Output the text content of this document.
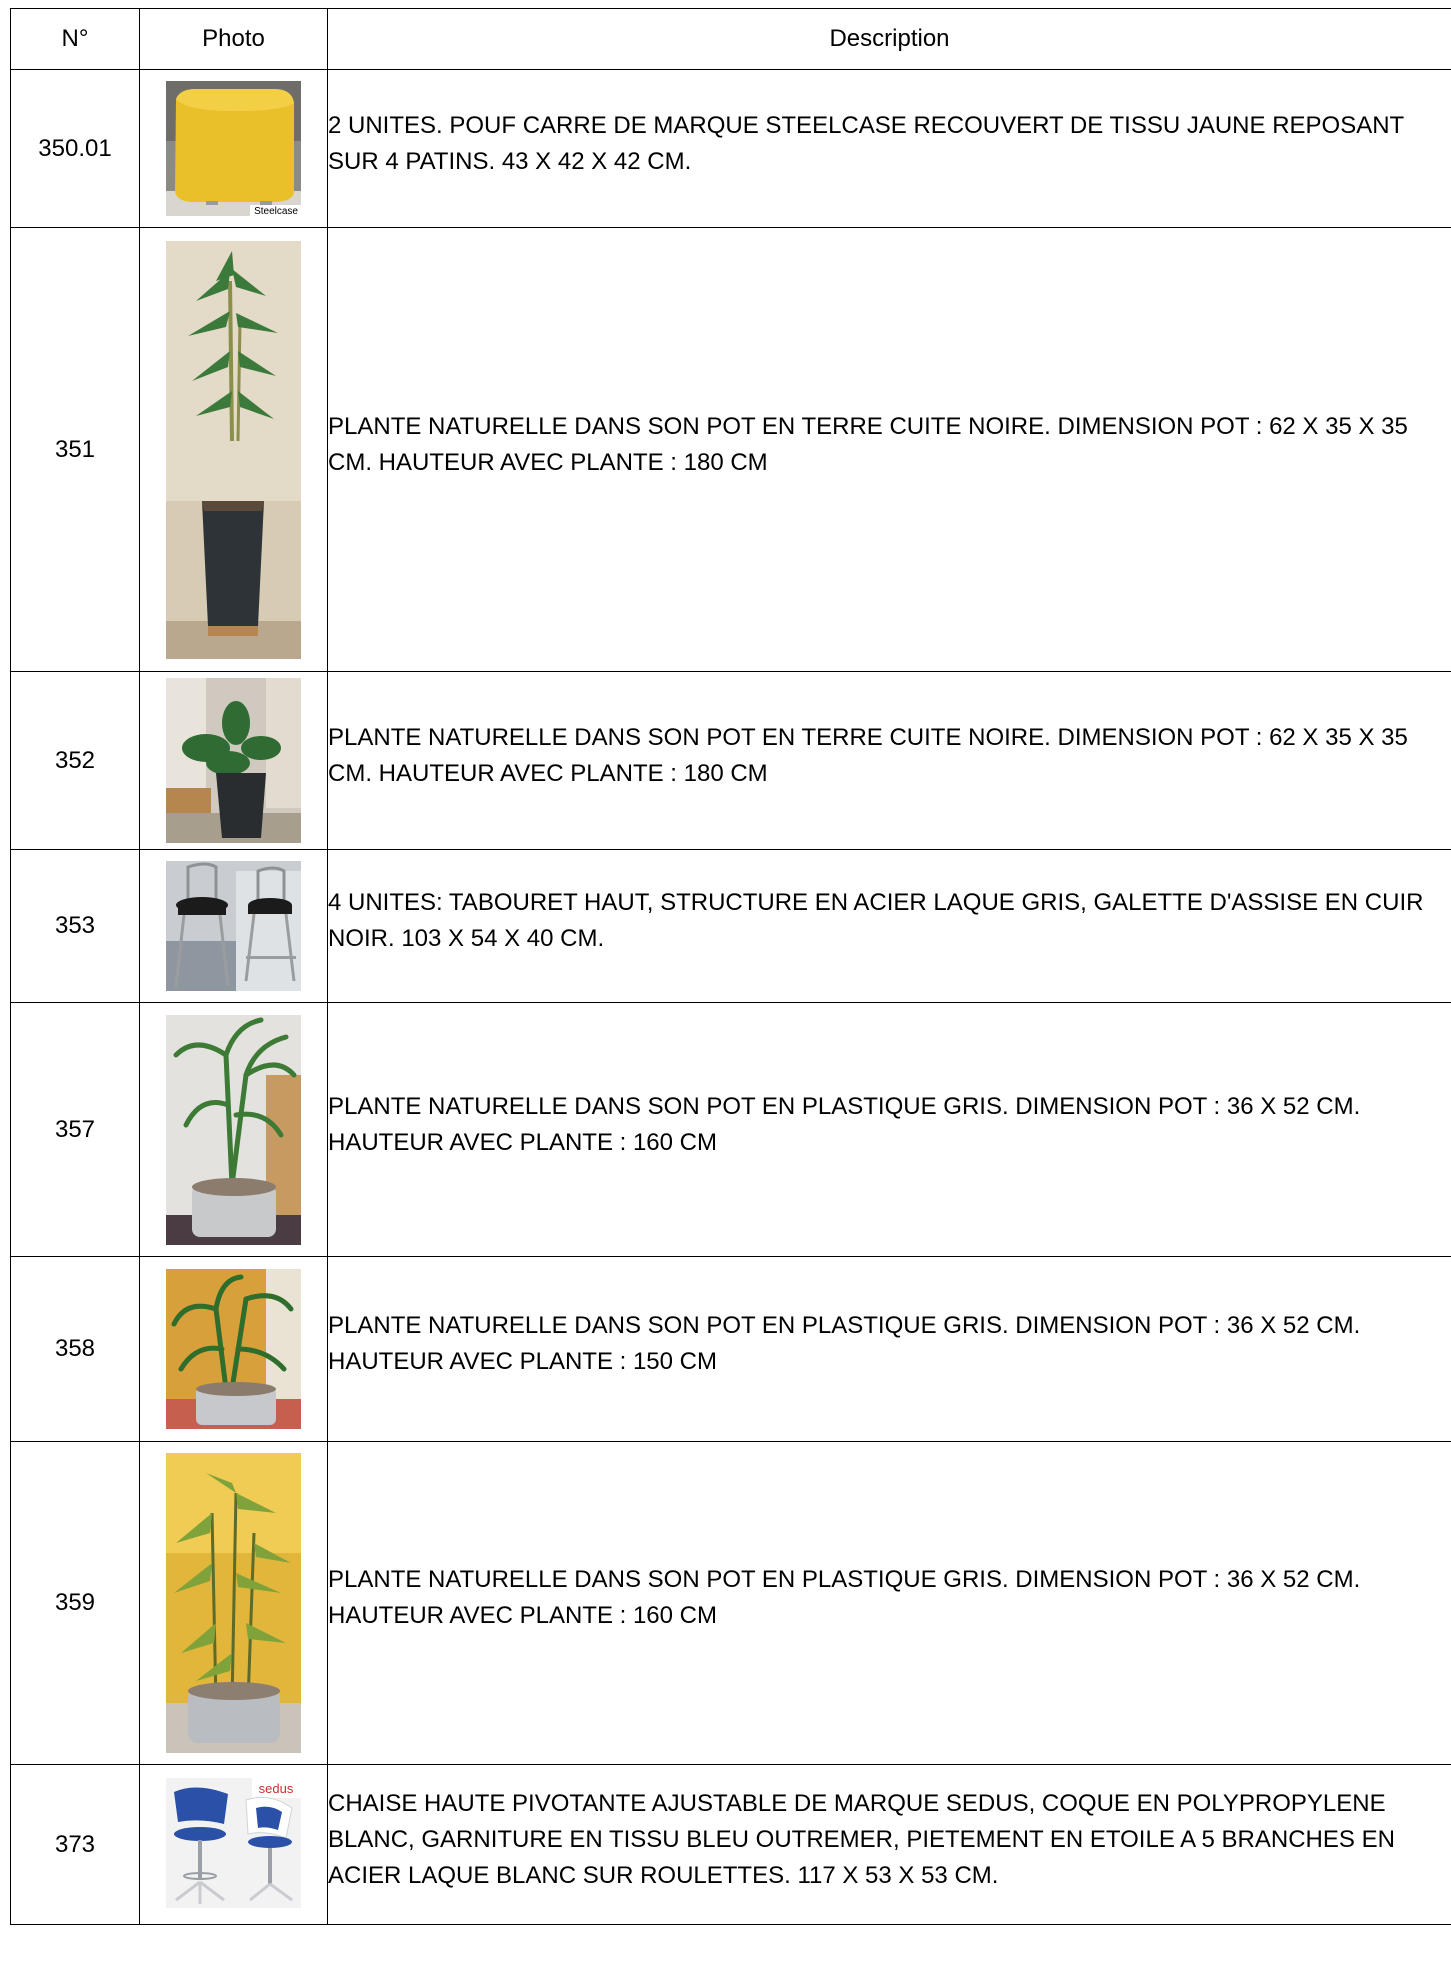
N°	Photo	Description
350.01	Steelcase	2 UNITES. POUF CARRE DE MARQUE STEELCASE RECOUVERT DE TISSU JAUNE REPOSANT SUR 4 PATINS. 43 X 42 X 42 CM.

351		PLANTE NATURELLE DANS SON POT EN TERRE CUITE NOIRE. DIMENSION POT : 62 X 35 X 35 CM. HAUTEUR AVEC PLANTE : 180 CM

352		PLANTE NATURELLE DANS SON POT EN TERRE CUITE NOIRE. DIMENSION POT : 62 X 35 X 35 CM. HAUTEUR AVEC PLANTE : 180 CM

353		4 UNITES: TABOURET HAUT, STRUCTURE EN ACIER LAQUE GRIS, GALETTE D'ASSISE EN CUIR NOIR. 103 X 54 X 40 CM.

357		PLANTE NATURELLE DANS SON POT EN PLASTIQUE GRIS. DIMENSION POT : 36 X 52 CM. HAUTEUR AVEC PLANTE : 160 CM

358		PLANTE NATURELLE DANS SON POT EN PLASTIQUE GRIS. DIMENSION POT : 36 X 52 CM. HAUTEUR AVEC PLANTE : 150 CM

359		PLANTE NATURELLE DANS SON POT EN PLASTIQUE GRIS. DIMENSION POT : 36 X 52 CM. HAUTEUR AVEC PLANTE : 160 CM

373	sedus	CHAISE HAUTE PIVOTANTE AJUSTABLE DE MARQUE SEDUS, COQUE EN POLYPROPYLENE BLANC, GARNITURE EN TISSU BLEU OUTREMER, PIETEMENT EN ETOILE A 5 BRANCHES EN ACIER LAQUE BLANC SUR ROULETTES. 117 X 53 X 53 CM.
